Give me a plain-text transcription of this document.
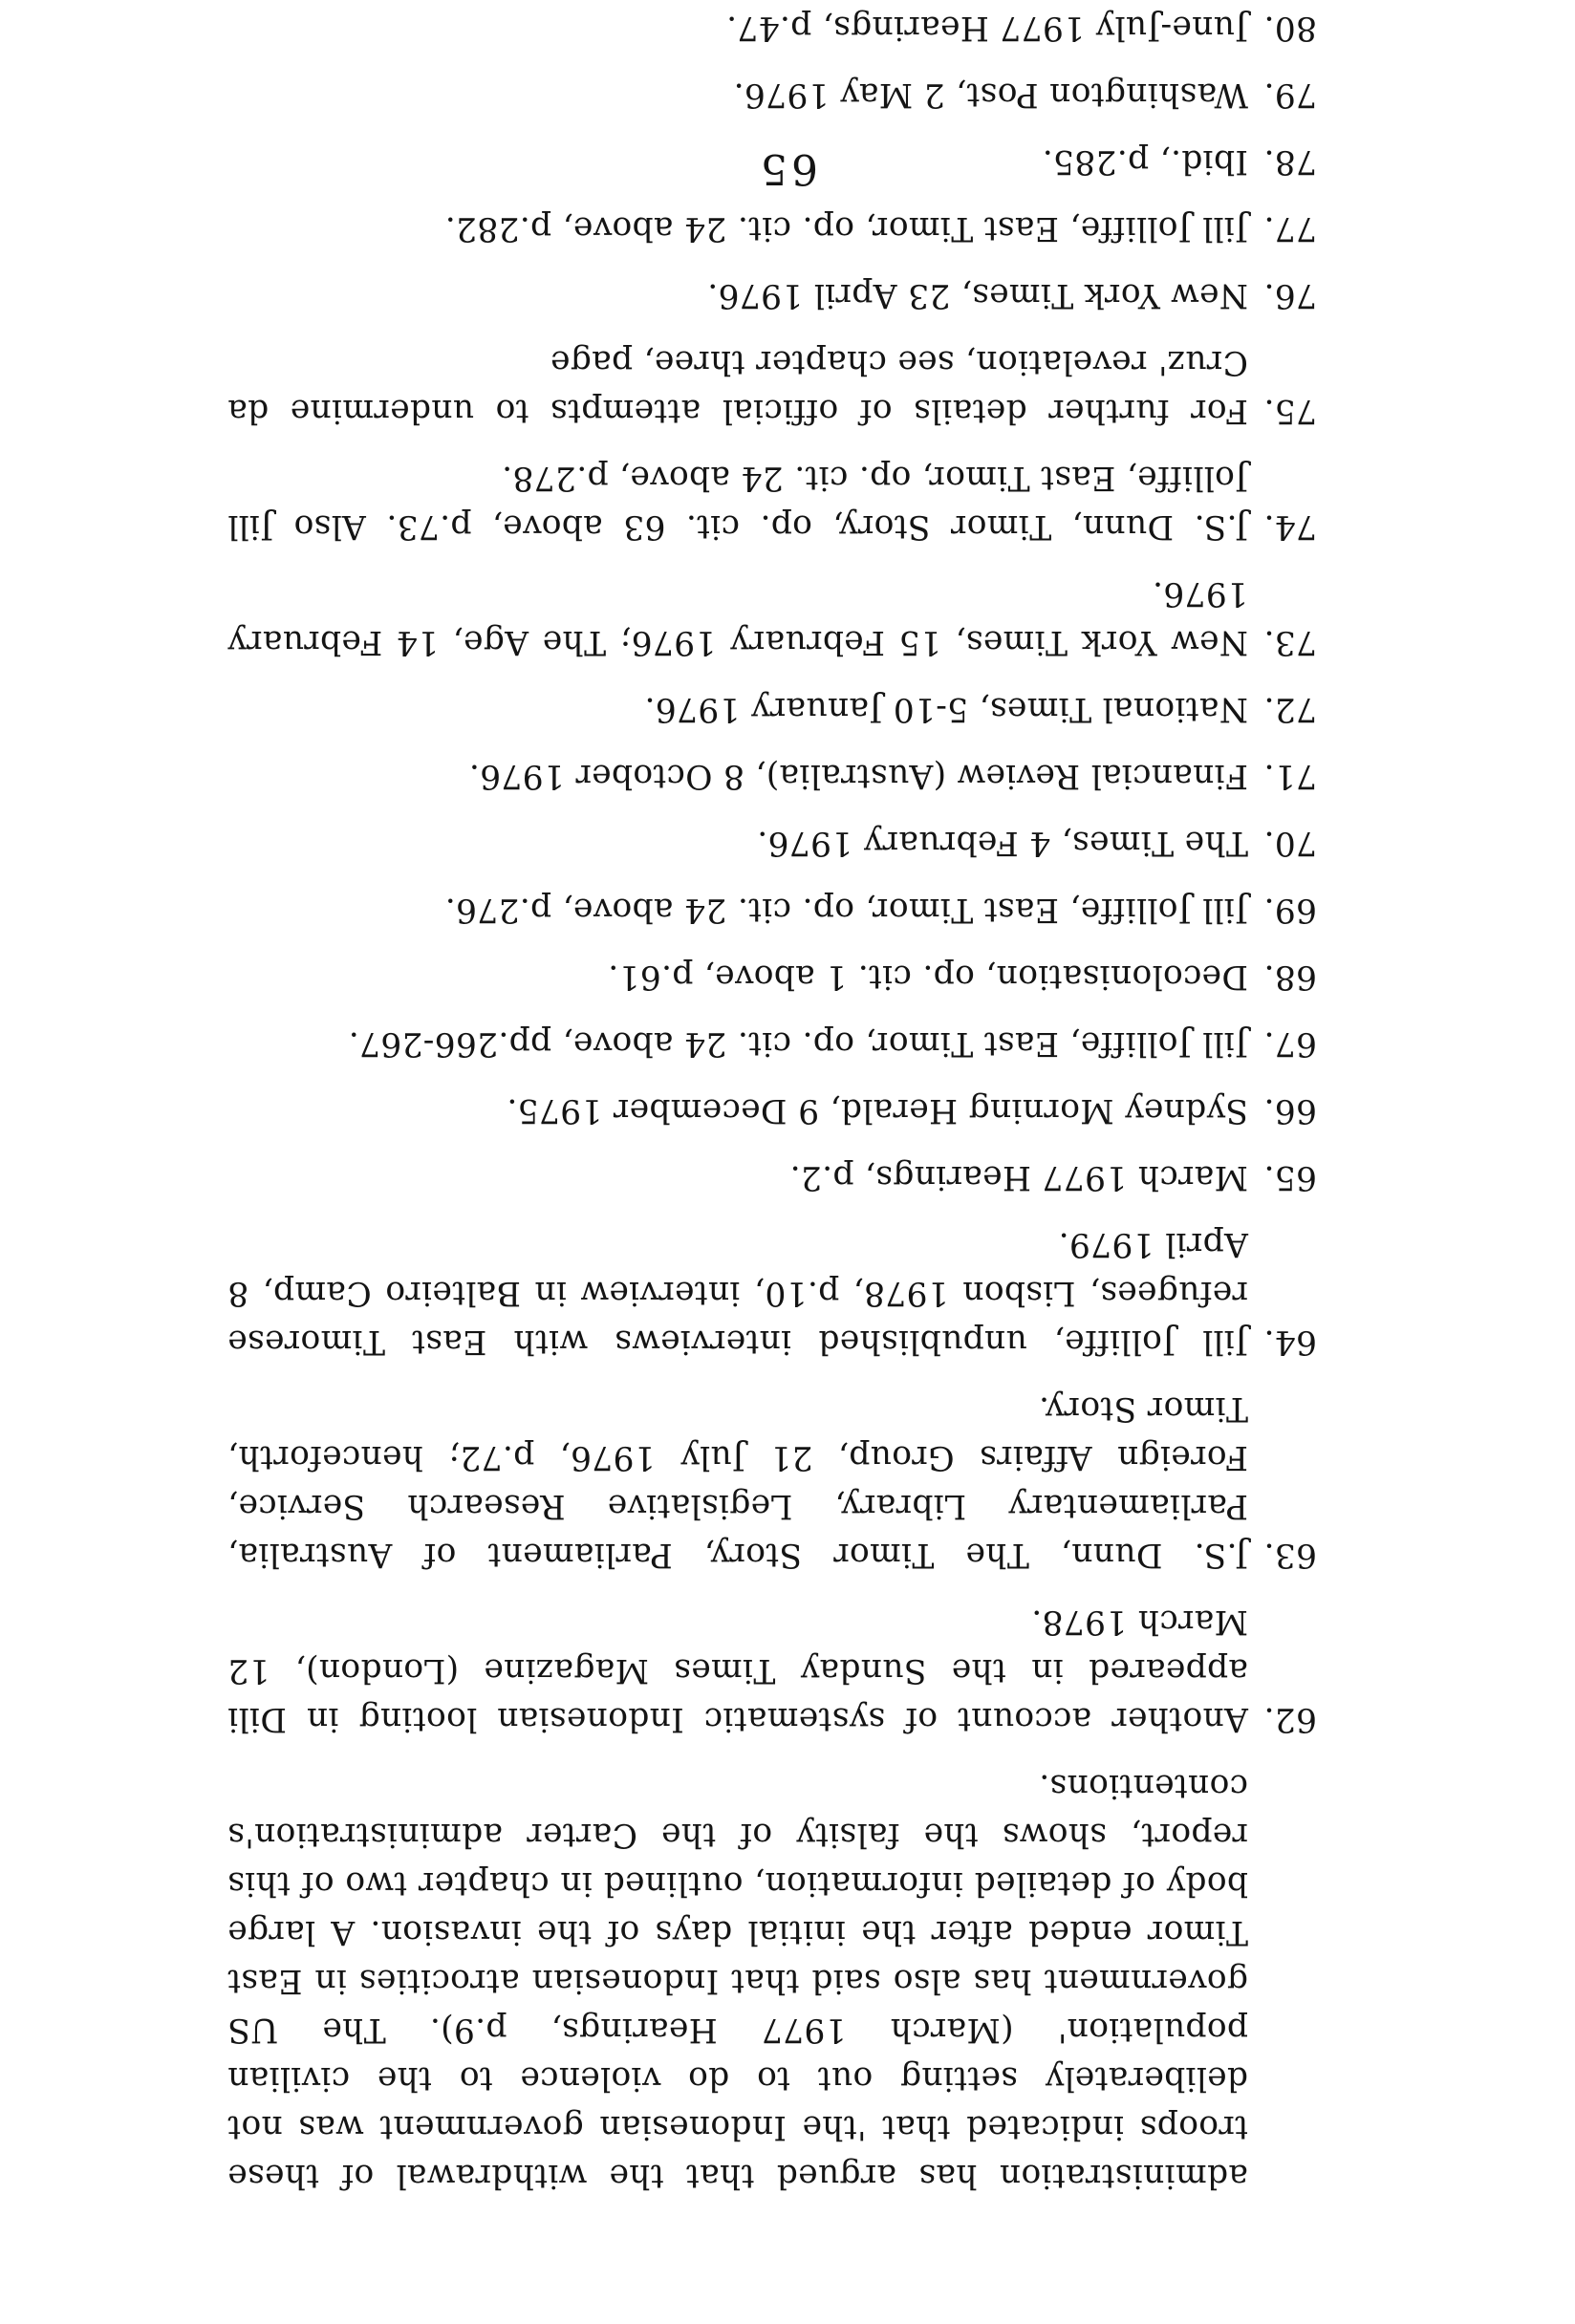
administration has argued that the withdrawal of these troops indicated that 'the Indonesian government was not deliberately setting out to do violence to the civilian population' (March 1977 Hearings, p.9). The US government has also said that Indonesian atrocities in East Timor ended after the initial days of the invasion. A large body of detailed information, outlined in chapter two of this report, shows the falsity of the Carter administration's contentions.
62.
Another account of systematic Indonesian looting in Dili appeared in the Sunday Times Magazine (London), 12 March 1978.
63.
J.S. Dunn, The Timor Story, Parliament of Australia, Parliamentary Library, Legislative Research Service, Foreign Affairs Group, 21 July 1976, p.72; henceforth, Timor Story.
64.
Jill Jolliffe, unpublished interviews with East Timorese refugees, Lisbon 1978, p.10, interview in Balteiro Camp, 8 April 1979.
65.
March 1977 Hearings, p.2.
66.
Sydney Morning Herald, 9 December 1975.
67.
Jill Jolliffe, East Timor, op. cit. 24 above, pp.266-267.
68.
Decolonisation, op. cit. 1 above, p.61.
69.
Jill Jolliffe, East Timor, op. cit. 24 above, p.276.
70.
The Times, 4 February 1976.
71.
Financial Review (Australia), 8 October 1976.
72.
National Times, 5-10 January 1976.
73.
New York Times, 15 February 1976; The Age, 14 February 1976.
74.
J.S. Dunn, Timor Story, op. cit. 63 above, p.73. Also Jill Jolliffe, East Timor, op. cit. 24 above, p.278.
75.
For further details of official attempts to undermine da Cruz' revelation, see chapter three, page
76.
New York Times, 23 April 1976.
77.
Jill Jolliffe, East Timor, op. cit. 24 above, p.282.
78.
Ibid., p.285.
79.
Washington Post, 2 May 1976.
80.
June-July 1977 Hearings, p.47.
65
